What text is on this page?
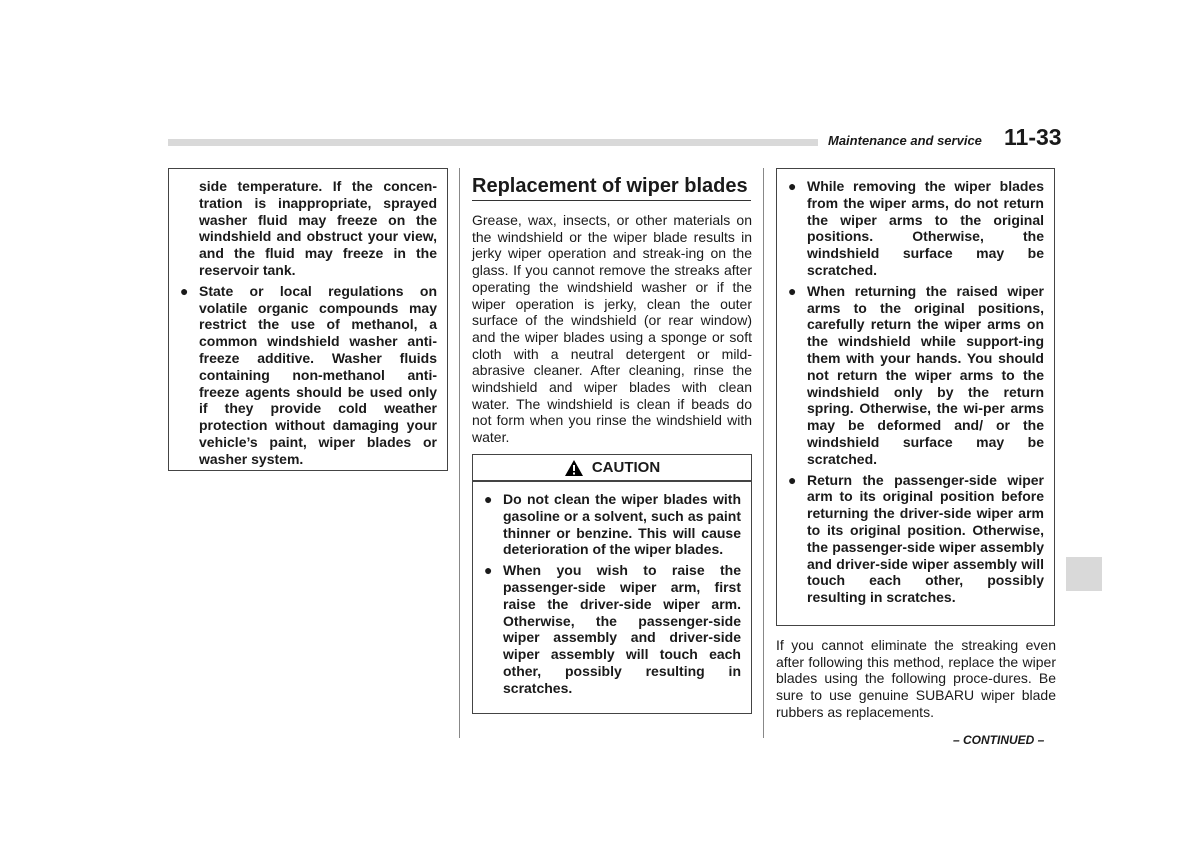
Maintenance and service 11-33

side temperature. If the concen-tration is inappropriate, sprayed washer fluid may freeze on the windshield and obstruct your view, and the fluid may freeze in the reservoir tank.

● State or local regulations on volatile organic compounds may restrict the use of methanol, a common windshield washer anti-freeze additive. Washer fluids containing non-methanol anti-freeze agents should be used only if they provide cold weather protection without damaging your vehicle’s paint, wiper blades or washer system.
Replacement of wiper blades

Grease, wax, insects, or other materials on the windshield or the wiper blade results in jerky wiper operation and streak-ing on the glass. If you cannot remove the streaks after operating the windshield washer or if the wiper operation is jerky, clean the outer surface of the windshield (or rear window) and the wiper blades using a sponge or soft cloth with a neutral detergent or mild-abrasive cleaner. After cleaning, rinse the windshield and wiper blades with clean water. The windshield is clean if beads do not form when you rinse the windshield with water.

CAUTION
● Do not clean the wiper blades with gasoline or a solvent, such as paint thinner or benzine. This will cause deterioration of the wiper blades.
● When you wish to raise the passenger-side wiper arm, first raise the driver-side wiper arm. Otherwise, the passenger-side wiper assembly and driver-side wiper assembly will touch each other, possibly resulting in scratches.
● While removing the wiper blades from the wiper arms, do not return the wiper arms to the original positions. Otherwise, the windshield surface may be scratched.
● When returning the raised wiper arms to the original positions, carefully return the wiper arms on the windshield while support-ing them with your hands. You should not return the wiper arms to the windshield only by the return spring. Otherwise, the wi-per arms may be deformed and/ or the windshield surface may be scratched.
● Return the passenger-side wiper arm to its original position before returning the driver-side wiper arm to its original position. Otherwise, the passenger-side wiper assembly and driver-side wiper assembly will touch each other, possibly resulting in scratches.

If you cannot eliminate the streaking even after following this method, replace the wiper blades using the following proce-dures. Be sure to use genuine SUBARU wiper blade rubbers as replacements.

– CONTINUED –
